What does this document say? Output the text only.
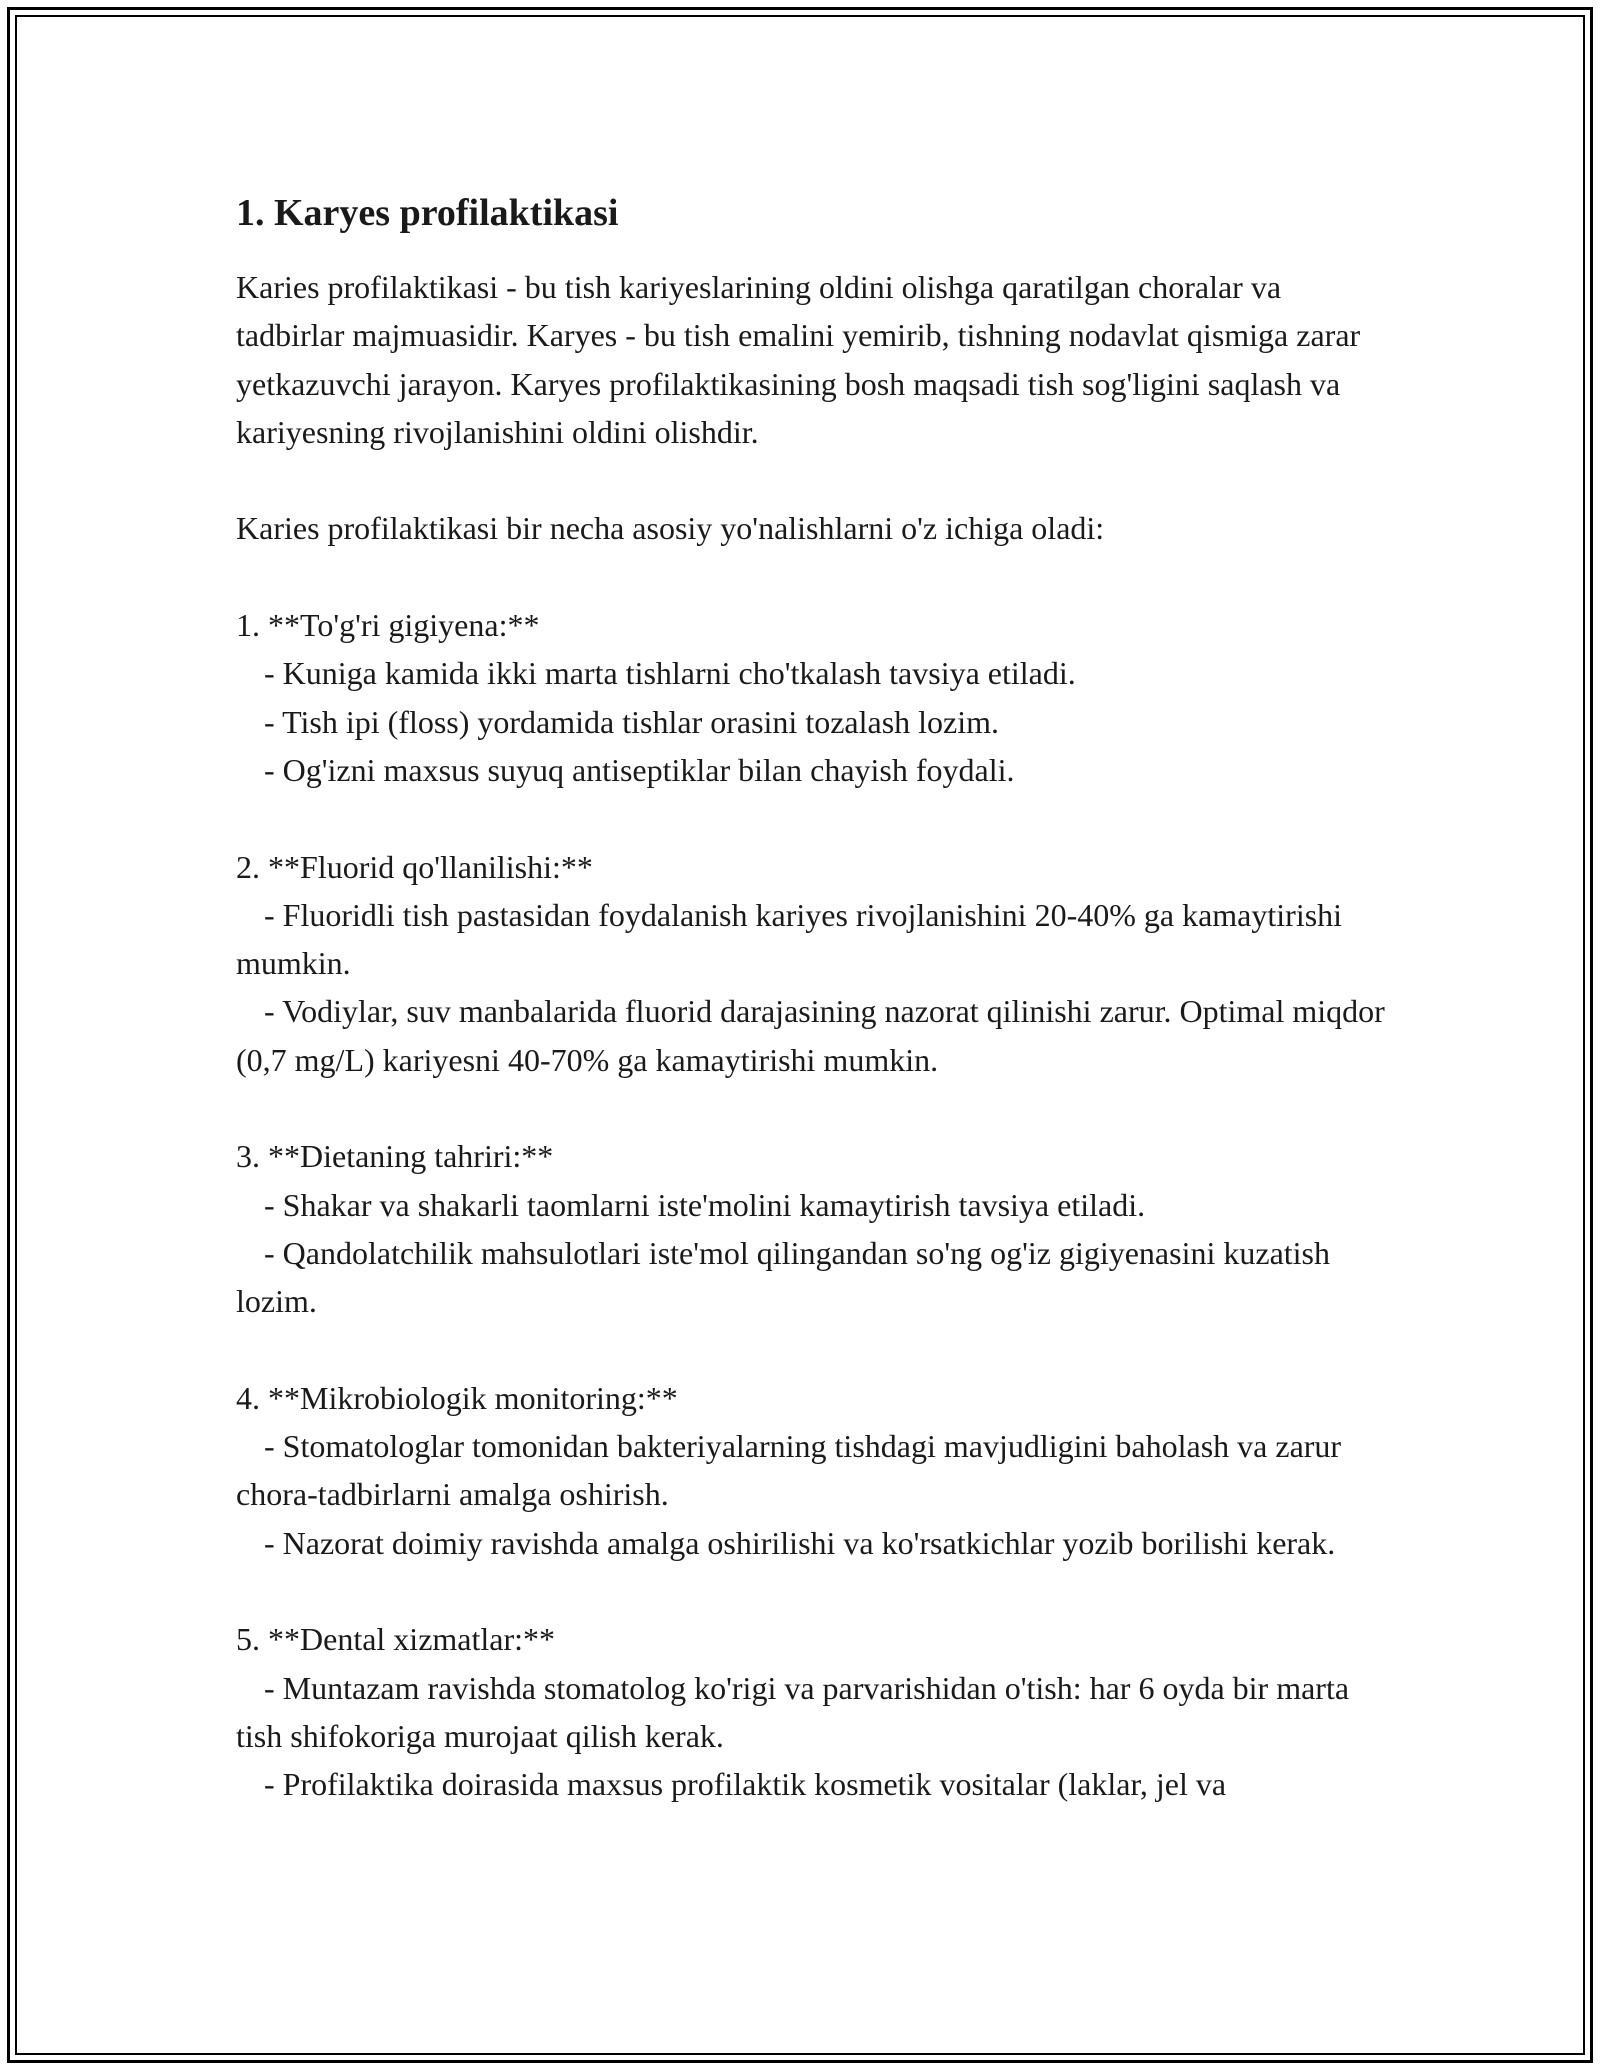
1. Karyes profilaktikasi

Karies profilaktikasi - bu tish kariyeslarining oldini olishga qaratilgan choralar va tadbirlar majmuasidir. Karyes - bu tish emalini yemirib, tishning nodavlat qismiga zarar yetkazuvchi jarayon. Karyes profilaktikasining bosh maqsadi tish sog'ligini saqlash va kariyesning rivojlanishini oldini olishdir.

Karies profilaktikasi bir necha asosiy yo'nalishlarni o'z ichiga oladi:

1. **To'g'ri gigiyena:**

- Kuniga kamida ikki marta tishlarni cho'tkalash tavsiya etiladi.

- Tish ipi (floss) yordamida tishlar orasini tozalash lozim.

- Og'izni maxsus suyuq antiseptiklar bilan chayish foydali.

2. **Fluorid qo'llanilishi:**

- Fluoridli tish pastasidan foydalanish kariyes rivojlanishini 20-40% ga kamaytirishi mumkin.

- Vodiylar, suv manbalarida fluorid darajasining nazorat qilinishi zarur. Optimal miqdor (0,7 mg/L) kariyesni 40-70% ga kamaytirishi mumkin.

3. **Dietaning tahriri:**

- Shakar va shakarli taomlarni iste'molini kamaytirish tavsiya etiladi.

- Qandolatchilik mahsulotlari iste'mol qilingandan so'ng og'iz gigiyenasini kuzatish lozim.

4. **Mikrobiologik monitoring:**

- Stomatologlar tomonidan bakteriyalarning tishdagi mavjudligini baholash va zarur chora-tadbirlarni amalga oshirish.

- Nazorat doimiy ravishda amalga oshirilishi va ko'rsatkichlar yozib borilishi kerak.

5. **Dental xizmatlar:**

- Muntazam ravishda stomatolog ko'rigi va parvarishidan o'tish: har 6 oyda bir marta tish shifokoriga murojaat qilish kerak.

- Profilaktika doirasida maxsus profilaktik kosmetik vositalar (laklar, jel va
